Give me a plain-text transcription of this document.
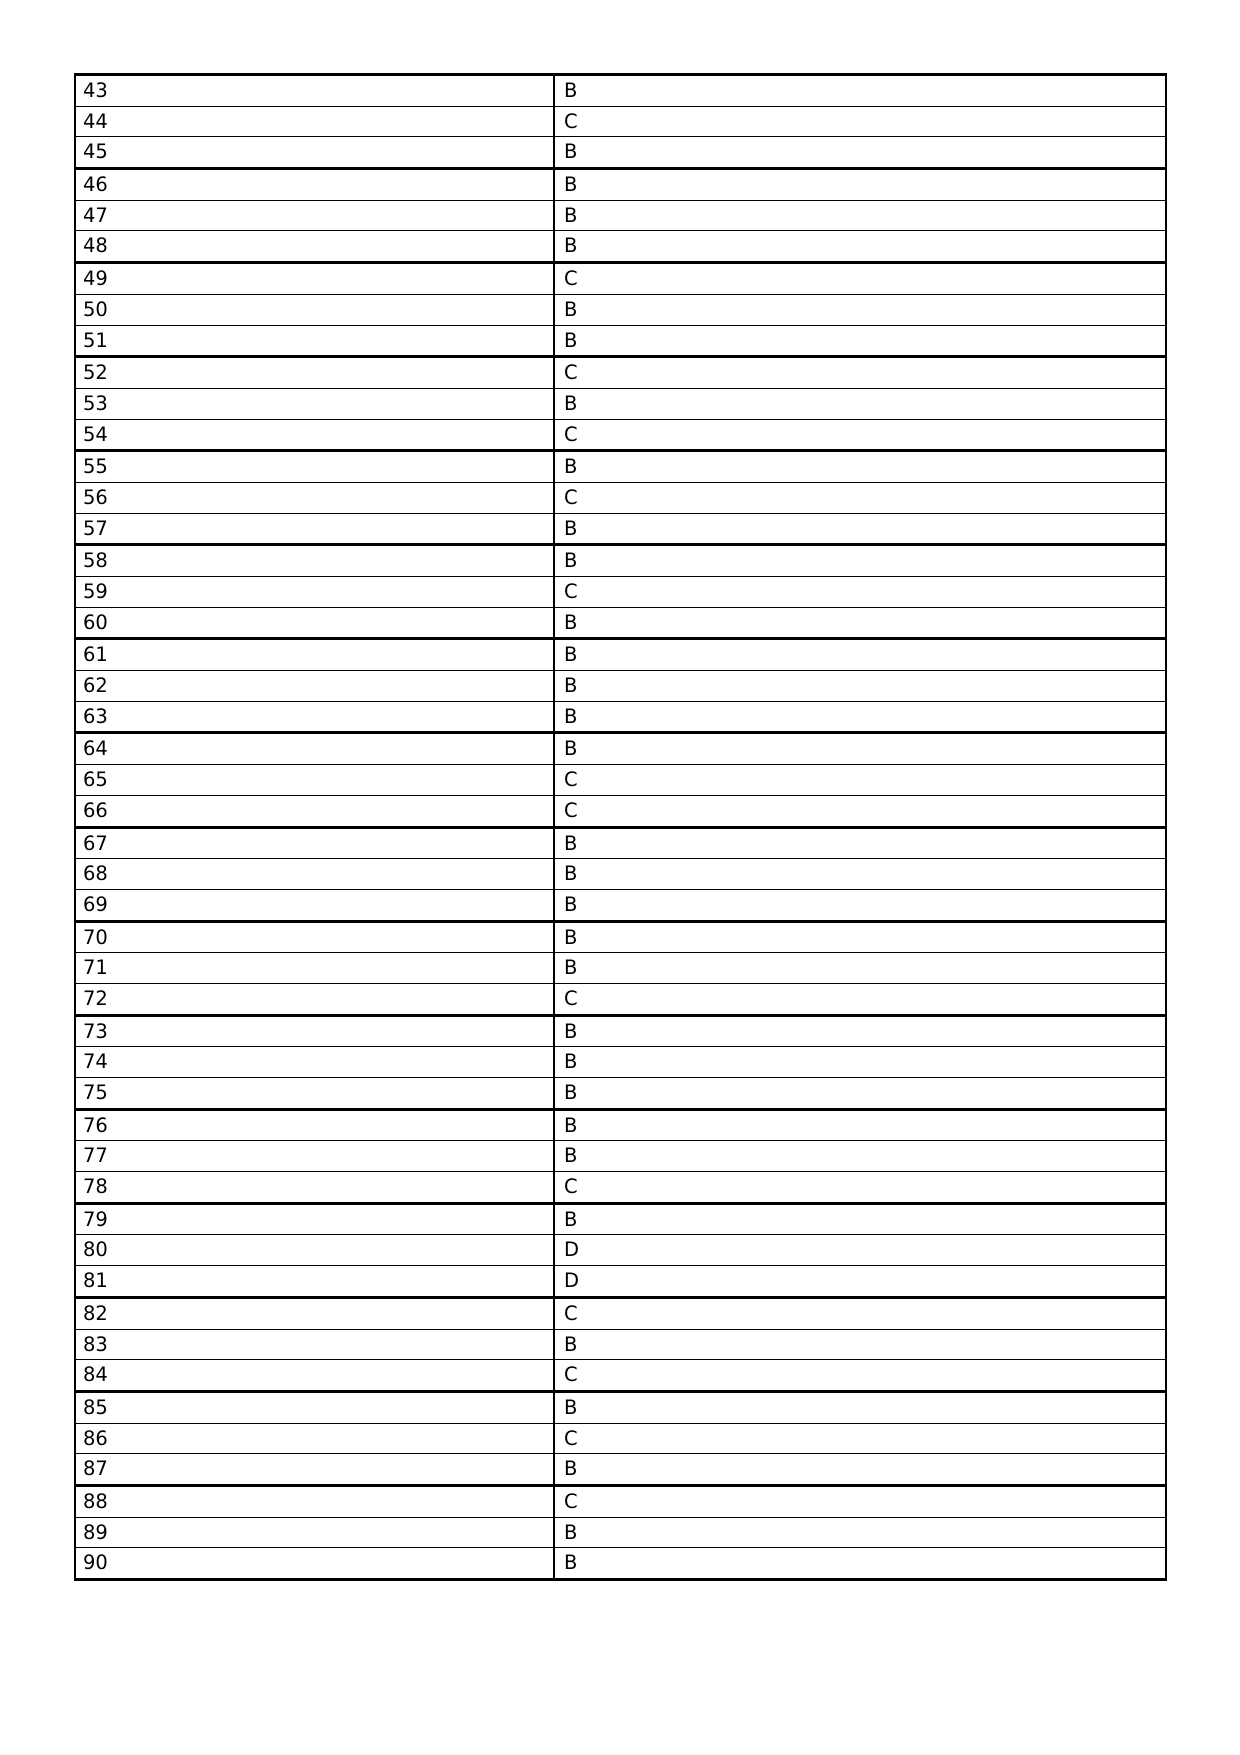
43	B
44	C
45	B
46	B
47	B
48	B
49	C
50	B
51	B
52	C
53	B
54	C
55	B
56	C
57	B
58	B
59	C
60	B
61	B
62	B
63	B
64	B
65	C
66	C
67	B
68	B
69	B
70	B
71	B
72	C
73	B
74	B
75	B
76	B
77	B
78	C
79	B
80	D
81	D
82	C
83	B
84	C
85	B
86	C
87	B
88	C
89	B
90	B
